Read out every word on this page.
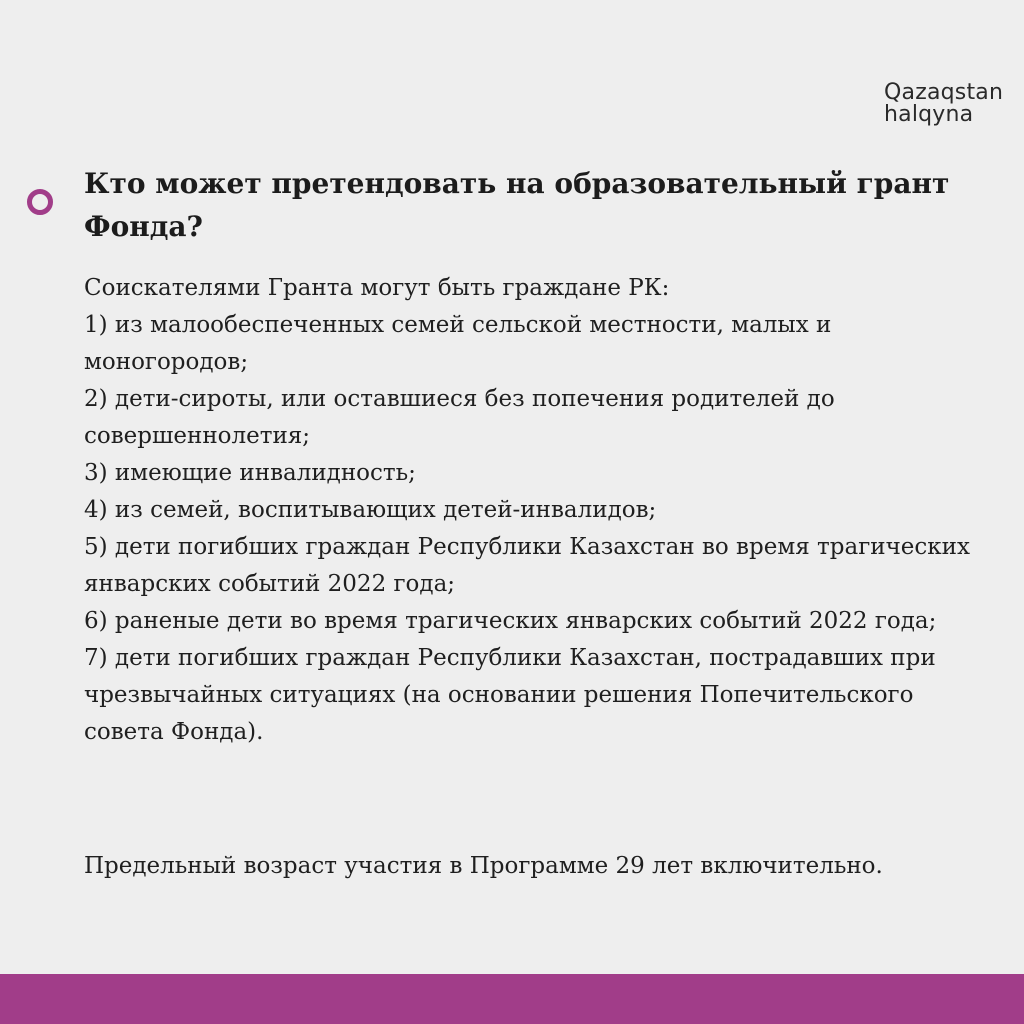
Qazaqstan
halqyna
Кто может претендовать на образовательный грант Фонда?

Соискателями Гранта могут быть граждане РК:

1) из малообеспеченных семей сельской местности, малых и моногородов;

2) дети-сироты, или оставшиеся без попечения родителей до совершеннолетия;

3) имеющие инвалидность;

4) из семей, воспитывающих детей-инвалидов;

5) дети погибших граждан Республики Казахстан во время трагических январских событий 2022 года;

6) раненые дети во время трагических январских событий 2022 года;

7) дети погибших граждан Республики Казахстан, пострадавших при чрезвычайных ситуациях (на основании решения Попечительского совета Фонда).

Предельный возраст участия в Программе 29 лет включительно.
